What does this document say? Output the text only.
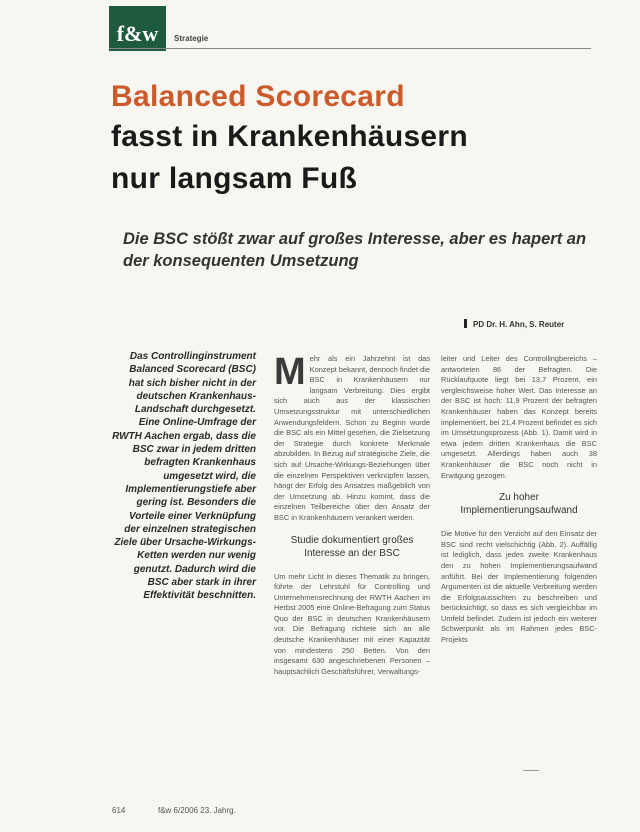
f&w	Strategie
Balanced Scorecard
fasst in Krankenhäusern
nur langsam Fuß
Die BSC stößt zwar auf großes Interesse, aber es hapert an der konsequenten Umsetzung
PD Dr. H. Ahn, S. Reuter
Das Controllinginstrument Balanced Scorecard (BSC) hat sich bisher nicht in der deutschen Krankenhaus-Landschaft durchgesetzt. Eine Online-Umfrage der RWTH Aachen ergab, dass die BSC zwar in jedem dritten befragten Krankenhaus umgesetzt wird, die Implementierungstiefe aber gering ist. Besonders die Vorteile einer Verknüpfung der einzelnen strategischen Ziele über Ursache-Wirkungs-Ketten werden nur wenig genutzt. Dadurch wird die BSC aber stark in ihrer Effektivität beschnitten.
M ehr als ein Jahrzehnt ist das Konzept bekannt, dennoch findet die BSC in Krankenhäusern nur langsam Verbreitung. Dies ergibt sich auch aus der klassischen Umsetzungsstruktur mit unterschiedlichen Anwendungsfeldern. Schon zu Beginn wurde die BSC als ein Mittel gesehen, die Zielsetzung der Strategie durch konkrete Merkmale abzubilden. In Bezug auf strategische Ziele, die sich auf Ursache-Wirkungs-Beziehungen über die einzelnen Perspektiven verknüpfen lassen, hängt der Erfolg des Ansatzes maßgeblich von der Umsetzung ab. Hinzu kommt, dass die einzelnen Teilbereiche über den Ansatz der BSC in Krankenhäusern verankert werden.

Studie dokumentiert großes Interesse an der BSC

Um mehr Licht in dieses Thematik zu bringen, führte der Lehrstuhl für Controlling und Unternehmensrechnung der RWTH Aachen im Herbst 2005 eine Online-Befragung zum Status Quo der BSC in deutschen Krankenhäusern vor. Die Befragung richtete sich an alle deutsche Krankenhäuser mit einer Kapazität von mindestens 250 Betten. Von den insgesamt 630 angeschriebenen Personen – hauptsächlich Geschäftsführer, Verwaltungs-

leiter und Leiter des Controllingbereichs – antworteten 86 der Befragten. Die Rücklaufquote liegt bei 13,7 Prozent, ein vergleichsweise hoher Wert. Das Interesse an der BSC ist hoch: 11,9 Prozent der befragten Krankenhäuser haben das Konzept bereits implementiert, bei 21,4 Prozent befindet es sich im Umsetzungsprozess (Abb. 1). Damit wird in etwa jedem dritten Krankenhaus die BSC umgesetzt. Allerdings haben auch 38 Krankenhäuser die BSC noch nicht in Erwägung gezogen.

Zu hoher Implementierungsaufwand

Die Motive für den Verzicht auf den Einsatz der BSC sind recht vielschichtig (Abb. 2). Auffällig ist lediglich, dass jedes zweite Krankenhaus den zu hohen Implementierungsaufwand anführt. Bei der Implementierung folgenden Argumenten ist die aktuelle Verbreitung werden die Erfolgsaussichten zu beschreiben und berücksichtigt, so dass es sich vergleichbar im Umfeld befindet. Zudem ist jedoch ein weiterer Schwerpunkt als im Rahmen jedes BSC-Projekts

614	f&w 6/2006 23. Jahrg.
